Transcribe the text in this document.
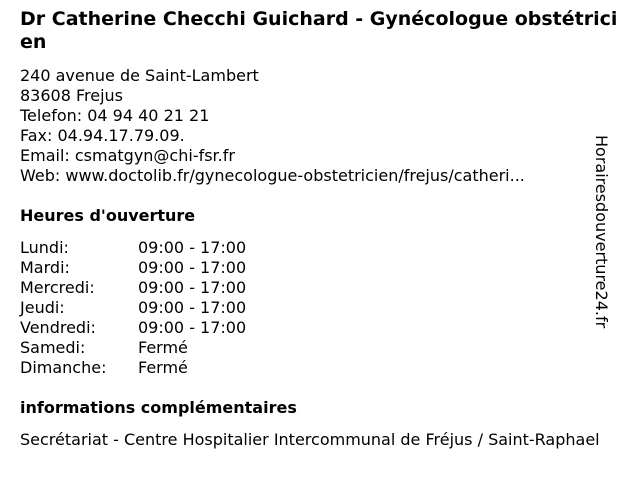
Dr Catherine Checchi Guichard - Gynécologue obstétricien
240 avenue de Saint-Lambert
83608 Frejus
Telefon: 04 94 40 21 21
Fax: 04.94.17.79.09.
Email: csmatgyn@chi-fsr.fr
Web: www.doctolib.fr/gynecologue-obstetricien/frejus/catheri...
Heures d'ouverture
Lundi:	09:00 - 17:00
Mardi:	09:00 - 17:00
Mercredi:	09:00 - 17:00
Jeudi:	09:00 - 17:00
Vendredi:	09:00 - 17:00
Samedi:	Fermé
Dimanche:	Fermé
informations complémentaires
Secrétariat - Centre Hospitalier Intercommunal de Fréjus / Saint-Raphael
Horairesdouverture24.fr
